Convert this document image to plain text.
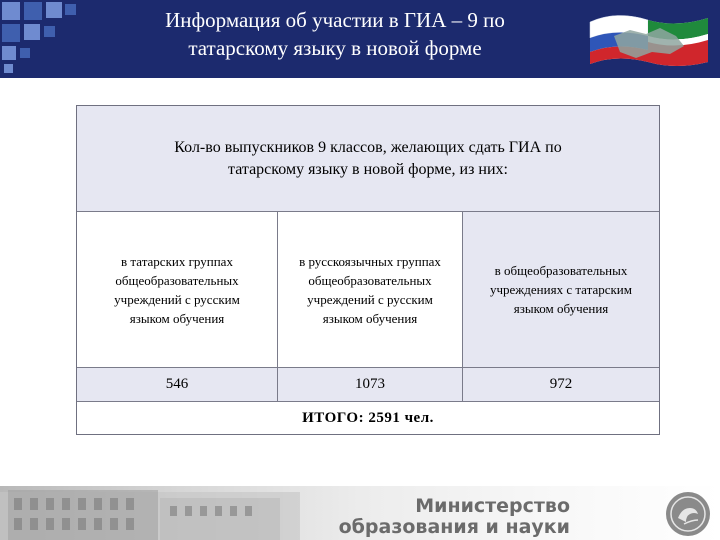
Информация об участии в ГИА – 9 по
татарскому языку в новой форме
Кол-во выпускников 9 классов, желающих сдать ГИА по
татарскому языку в новой форме, из них:
в татарских группах
общеобразовательных
учреждений с русским
языком обучения
в русскоязычных группах
общеобразовательных
учреждений с русским
языком обучения
в общеобразовательных
учреждениях с татарским
языком обучения
546	1073	972
ИТОГО: 2591 чел.
Министерство
образования и науки
